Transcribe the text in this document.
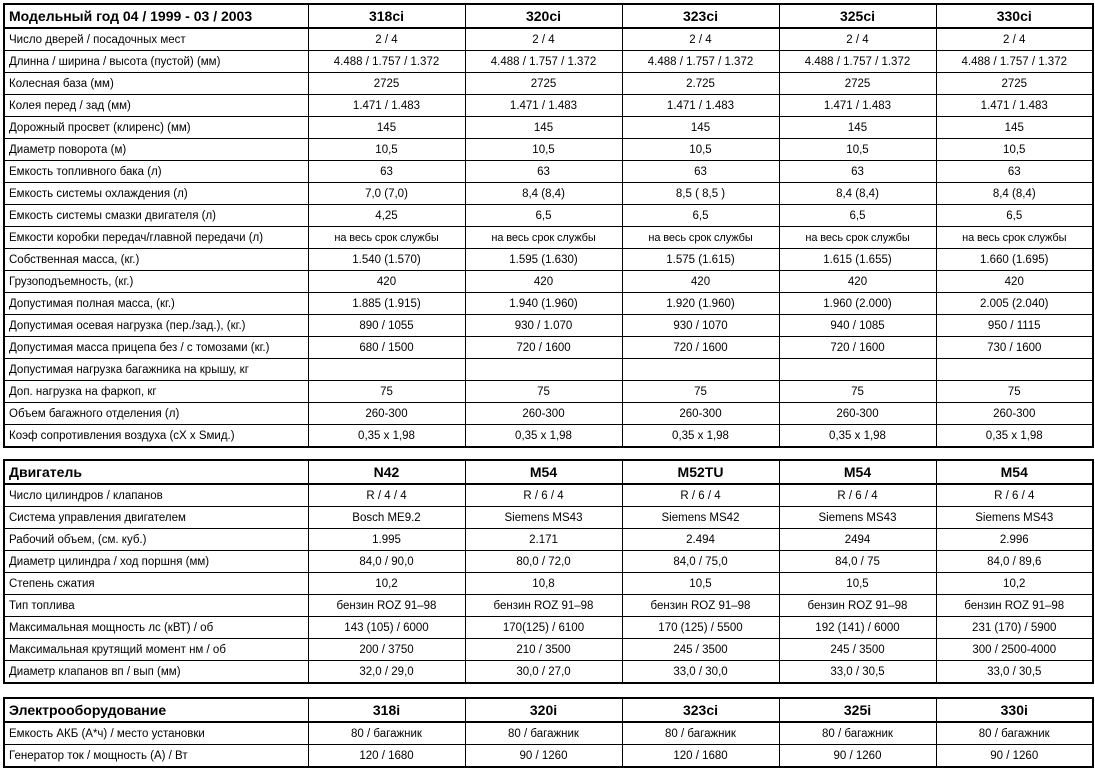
Модельный год 04 / 1999 - 03 / 2003	318ci	320ci	323ci	325ci	330ci
Число дверей / посадочных мест	2 / 4	2 / 4	2 / 4	2 / 4	2 / 4
Длинна / ширина / высота (пустой) (мм)	4.488 / 1.757 / 1.372	4.488 / 1.757 / 1.372	4.488 / 1.757 / 1.372	4.488 / 1.757 / 1.372	4.488 / 1.757 / 1.372
Колесная база (мм)	2725	2725	2.725	2725	2725
Колея перед / зад (мм)	1.471 / 1.483	1.471 / 1.483	1.471 / 1.483	1.471 / 1.483	1.471 / 1.483
Дорожный просвет (клиренс) (мм)	145	145	145	145	145
Диаметр поворота (м)	10,5	10,5	10,5	10,5	10,5
Емкость топливного бака (л)	63	63	63	63	63
Емкость системы охлаждения (л)	7,0 (7,0)	8,4 (8,4)	8,5 ( 8,5 )	8,4 (8,4)	8,4 (8,4)
Емкость системы смазки двигателя (л)	4,25	6,5	6,5	6,5	6,5
Емкости коробки передач/главной передачи (л)	на весь срок службы	на весь срок службы	на весь срок службы	на весь срок службы	на весь срок службы
Собственная масса, (кг.)	1.540 (1.570)	1.595 (1.630)	1.575 (1.615)	1.615 (1.655)	1.660 (1.695)
Грузоподъемность, (кг.)	420	420	420	420	420
Допустимая полная масса, (кг.)	1.885 (1.915)	1.940 (1.960)	1.920 (1.960)	1.960 (2.000)	2.005 (2.040)
Допустимая осевая нагрузка (пер./зад.), (кг.)	890 / 1055	930 / 1.070	930 / 1070	940 / 1085	950 / 1115
Допустимая масса прицепа без / с томозами (кг.)	680 / 1500	720 / 1600	720 / 1600	720 / 1600	730 / 1600
Допустимая нагрузка багажника на крышу, кг					
Доп. нагрузка на фаркоп, кг	75	75	75	75	75
Объем багажного отделения (л)	260-300	260-300	260-300	260-300	260-300
Коэф сопротивления воздуха (cX x Sмид.)	0,35 x 1,98	0,35 x 1,98	0,35 x 1,98	0,35 x 1,98	0,35 x 1,98
Двигатель	N42	M54	M52TU	M54	M54
Число цилиндров / клапанов	R / 4 / 4	R / 6 / 4	R / 6 / 4	R / 6 / 4	R / 6 / 4
Система управления двигателем	Bosch ME9.2	Siemens MS43	Siemens MS42	Siemens MS43	Siemens MS43
Рабочий объем, (см. куб.)	1.995	2.171	2.494	2494	2.996
Диаметр цилиндра / ход поршня (мм)	84,0 / 90,0	80,0 / 72,0	84,0 / 75,0	84,0 / 75	84,0 / 89,6
Степень сжатия	10,2	10,8	10,5	10,5	10,2
Тип топлива	бензин ROZ 91–98	бензин ROZ 91–98	бензин ROZ 91–98	бензин ROZ 91–98	бензин ROZ 91–98
Максимальная мощность лс (кВТ) / об	143 (105) / 6000	170(125) / 6100	170 (125) / 5500	192 (141) / 6000	231 (170) / 5900
Максимальная крутящий момент нм / об	200 / 3750	210 / 3500	245 / 3500	245 / 3500	300 / 2500-4000
Диаметр клапанов вп / вып (мм)	32,0 / 29,0	30,0 / 27,0	33,0 / 30,0	33,0 / 30,5	33,0 / 30,5
Электрооборудование	318i	320i	323ci	325i	330i
Емкость АКБ (А*ч) / место установки	80 / багажник	80 / багажник	80 / багажник	80 / багажник	80 / багажник
Генератор ток / мощность (А) / Вт	120 / 1680	90 / 1260	120 / 1680	90 / 1260	90 / 1260
